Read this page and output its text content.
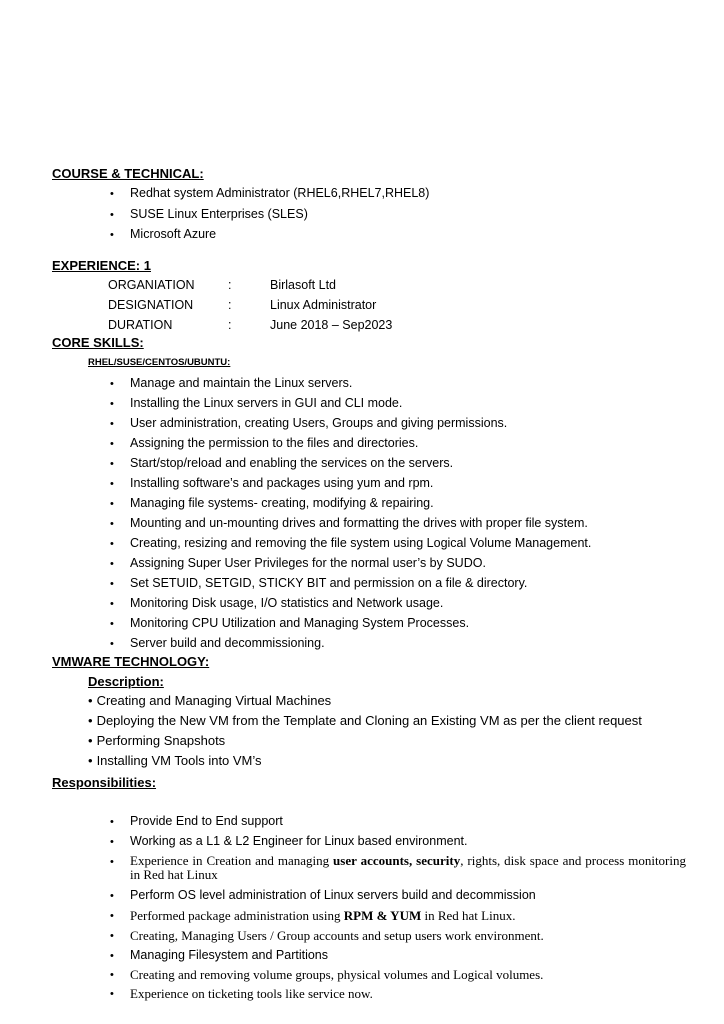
COURSE & TECHNICAL:
•
Redhat system Administrator (RHEL6,RHEL7,RHEL8)
•
SUSE Linux Enterprises (SLES)
•
Microsoft Azure
EXPERIENCE: 1
ORGANIATION	:	Birlasoft Ltd
DESIGNATION	:	Linux Administrator
DURATION	:	June 2018 – Sep2023
CORE SKILLS:
RHEL/SUSE/CENTOS/UBUNTU:
•
Manage and maintain the Linux servers.
•
Installing the Linux servers in GUI and CLI mode.
•
User administration, creating Users, Groups and giving permissions.
•
Assigning the permission to the files and directories.
•
Start/stop/reload and enabling the services on the servers.
•
Installing software’s and packages using yum and rpm.
•
Managing file systems- creating, modifying & repairing.
•
Mounting and un-mounting drives and formatting the drives with proper file system.
•
Creating, resizing and removing the file system using Logical Volume Management.
•
Assigning Super User Privileges for the normal user’s by SUDO.
•
Set SETUID, SETGID, STICKY BIT and permission on a file & directory.
•
Monitoring Disk usage, I/O statistics and Network usage.
•
Monitoring CPU Utilization and Managing System Processes.
•
Server build and decommissioning.
VMWARE TECHNOLOGY:
Description:
• Creating and Managing Virtual Machines
• Deploying the New VM from the Template and Cloning an Existing VM as per the client request
• Performing Snapshots
• Installing VM Tools into VM’s
Responsibilities:
•
Provide End to End support
•
Working as a L1 & L2 Engineer for Linux based environment.
•
Experience in Creation and managing user accounts, security, rights, disk space and process monitoring in Red hat Linux
•
Perform OS level administration of Linux servers build and decommission
•
Performed package administration using RPM & YUM in Red hat Linux.
•
Creating, Managing Users / Group accounts and setup users work environment.
•
Managing Filesystem and Partitions
•
Creating and removing volume groups, physical volumes and Logical volumes.
•
Experience on ticketing tools like service now.
